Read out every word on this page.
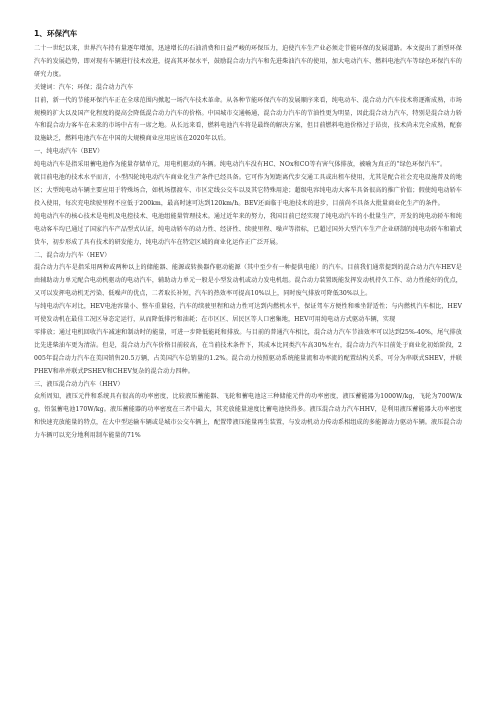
1、环保汽车

二十一世纪以来，世界汽车持有量逐年增加，迅速增长的石油消费和日益严峻的环保压力，迫使汽车生产业必须走节能环保的发展道路。本文提出了新型环保汽车的发展趋势，即对现有车辆进行技术改进，提高其环保水平，鼓励混合动力汽车和先进柴油汽车的使用，加大电动汽车、燃料电池汽车等绿色环保汽车的研究力度。

关键词：汽车；环保；混合动力汽车

目前，新一代的节能环保汽车正在全球范围内掀起一场汽车技术革命。从各种节能环保汽车的发展顺序来看，纯电动车、混合动力汽车技术将逐渐成熟，市场规模的扩大以及国产化程度的提高会降低混合动力汽车的价格。中国城市交通畅通，混合动力汽车的节油性更为明显，因此混合动力汽车，特别是混合动力轿车和混合动力客车在未来的市场中占有一席之地。从长远来看，燃料电池汽车将是最终的解决方案，但目前燃料电池价格过于昂贵，技术尚未完全成熟，配套设施缺乏，燃料电池汽车在中国的大规模商业应用应该在2020年以后。

一、纯电动汽车（BEV）

纯电动汽车是指采用蓄电池作为能量存储单元，用电机驱动的车辆。纯电动汽车没有HC、NOx和CO等有害气体排放，被喻为真正的“绿色环保汽车”。

就目前电池的技术水平而言，小型四轮纯电动汽车商业化生产条件已经具备。它可作为短距离代步交通工具或出租车使用，尤其是配合社会充电设施普及的地区；大型纯电动车辆主要应用于特殊场合，如机场摆渡车、市区定线公交车以及其它特殊用途；超级电容纯电动大客车具备很高的推广价值；假使纯电动轿车投入使用，每次充电续驶里程不应低于200km，最高时速可达到120km/h。BEV还面临于电池技术的进步，目前尚不具备大批量商业化生产的条件。

纯电动汽车的核心技术是电机及电控技术、电池组能量管理技术。通过近年来的努力，我国目前已经实现了纯电动汽车的小批量生产，开发的纯电动轿车和纯电动客车均已通过了国家汽车产品型式认证，纯电动轿车的动力性、经济性、续驶里程、噪声等指标，已超过国外大型汽车生产企业研制的纯电动轿车和箱式货车，初步形成了具有技术的研发能力，纯电动汽车在特定区域的商业化运作正广泛开展。

二、混合动力汽车（HEV）

混合动力汽车是指采用两种或两种以上的储能器、能源或转换器作驱动能源（其中至少有一种提供电能）的汽车。目前我们通常提到的混合动力汽车HEV是由辅助动力单元配合电动机驱动的电动汽车，辅助动力单元一般是小型发动机或动力发电机组。混合动力装置既能发挥发动机持久工作、动力性能好的优点，又可以发挥电动机无污染、低噪声的优点，二者取长补短，汽车的热效率可提高10%以上，同时废气排放可降低30%以上。

与纯电动汽车对比，HEV电池容量小、整车重量轻，汽车的续驶里程和动力性可达到内燃机水平，保证驾车方便性和乘坐舒适性；与内燃机汽车相比，HEV可使发动机在最佳工况区导态定运行，从而降低排污和油耗；在市区区、居民区等人口密集地，HEV可用纯电动方式驱动车辆，实现

零排放；通过电机回收汽车减速和制动时的能量，可进一步降低能耗和排放。与目前的普通汽车相比，混合动力汽车节油效率可以达到25%-40%，尾气排放比先进柴油车更为清洁。但是，混合动力汽车价格目前较高，在当前技术条件下，其成本比同类汽车高30%左右，混合动力汽车目前处于商业化初始阶段，2005年混合动力汽车在美国销售20.5万辆，占美国汽车总销量的1.2%。混合动力按照驱动系统能量流和功率流的配置结构关系，可分为串联式SHEV，并联PHEV和串并联式PSHEV和CHEV复杂的混合动力四种。

三、液压混合动力汽车（HHV）

众所周知，液压元件和系统具有很高的功率密度，比较液压蓄能器、飞轮和蓄电池这三种储能元件的功率密度，液压蓄能器为1000W/kg，飞轮为700W/kg，铅氢蓄电池170W/kg。液压蓄能器的功率密度在三者中最大，其充放能量速度比蓄电池快得多。液压混合动力汽车HHV，是利用液压蓄能器大功率密度和快速充放能量的特点，在大中型运输车辆或是城市公交车辆上，配置带液压能量再生装置，与发动机动力传动系相组成的多能源动力驱动车辆。液压混合动力车辆可以充分地利用制车能量的71%
